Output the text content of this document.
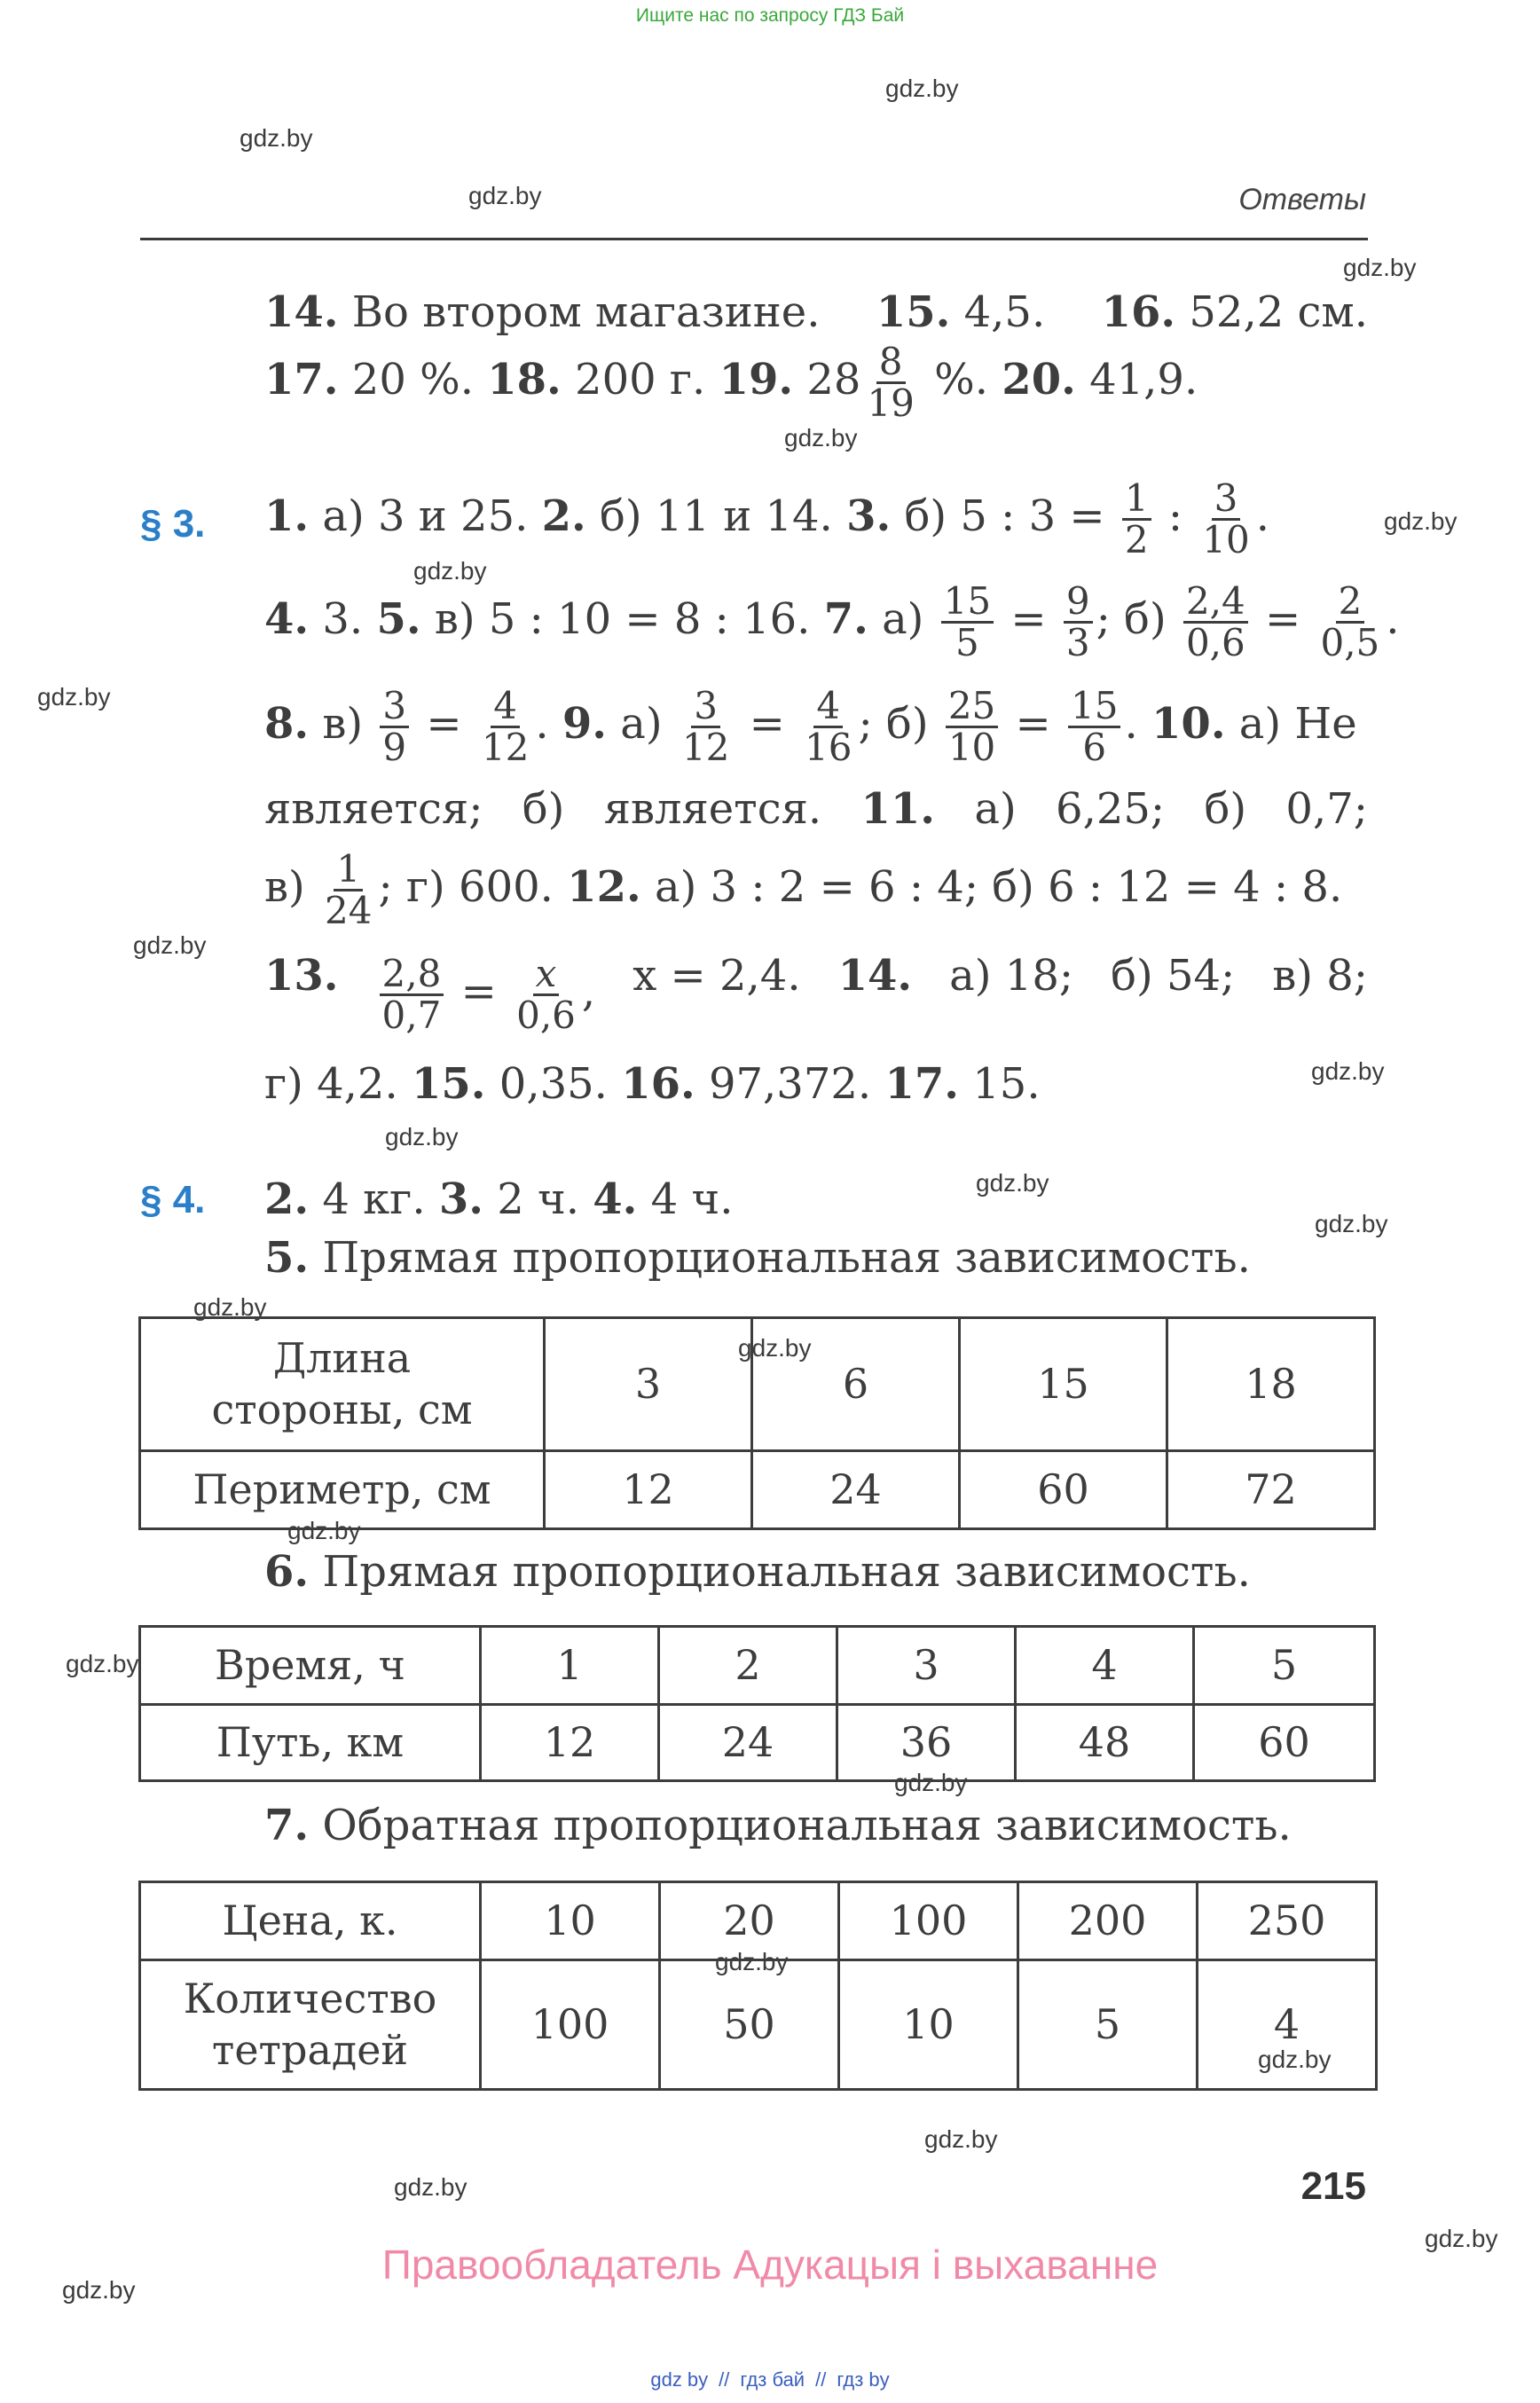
Ищите нас по запросу ГДЗ Бай
gdz.by
gdz.by
gdz.by
gdz.by
gdz.by
gdz.by
gdz.by
gdz.by
gdz.by
gdz.by
gdz.by
gdz.by
gdz.by
gdz.by
gdz.by
gdz.by
gdz.by
gdz.by
gdz.by
gdz.by
gdz.by
gdz.by
gdz.by
gdz.by
Ответы
14. Во втором магазине. 15. 4,5. 16. 52,2 см.
17. 20 %. 18. 200 г. 19. $28 \frac{8}{19}$ %. 20. 41,9.
§ 3. 1. а) 3 и 25. 2. б) 11 и 14. 3. б) 5 : $3 = \frac{1}{2}$ : $\frac{3}{10}$ .
4. 3. 5. в) 5 : 10 = 8 : 16. 7. $а) \frac{15}{5} = \frac{9}{3}$ ; $б) \frac{2,4}{0,6} = \frac{2}{0,5}$ .
8. $в) \frac{3}{9} = \frac{4}{12}$ . 9. $а) \frac{3}{12} = \frac{4}{16}$ ; $б) \frac{25}{10} = \frac{15}{6}$ . 10. а) Не
является; б) является. 11. а) 6,25; б) 0,7;
$в) \frac{1}{24}$ ; г) 600. 12. а) 3 : 2 = 6 : 4; б) 6 : 12 = 4 : 8.
13. $\frac{2,8}{0,7} = \frac{x}{0,6}$ , x = 2,4. 14. а) 18; б) 54; в) 8;
г) 4,2. 15. 0,35. 16. 97,372. 17. 15.
§ 4. 2. 4 кг. 3. 2 ч. 4. 4 ч.
5. Прямая пропорциональная зависимость.
Длина
стороны, см	3	6	15	18
Периметр, см	12	24	60	72
6. Прямая пропорциональная зависимость.
Время, ч	1	2	3	4	5
Путь, км	12	24	36	48	60
7. Обратная пропорциональная зависимость.
Цена, к.	10	20	100	200	250
Количество
тетрадей	100	50	10	5	4
215
Правообладатель Адукацыя і выхаванне
gdz by // гдз бай // гдз by
